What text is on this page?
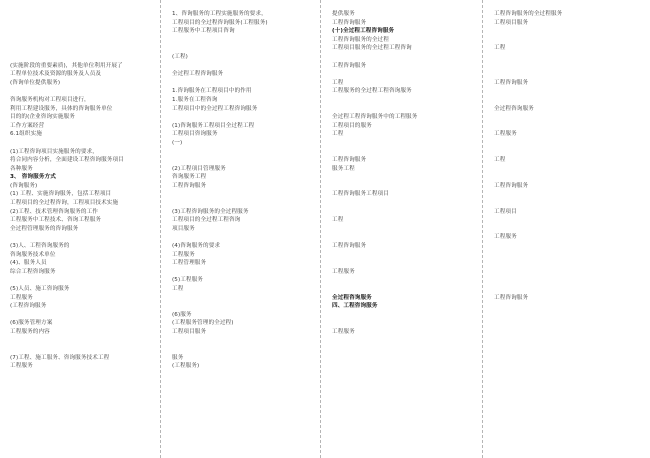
(实施阶段的重要素质)，其他单位利用开展了
工程单位技术及资源的服务及人员及
(咨询单位提供服务)
咨询服务机构对工程项目进行，
利用工程建设服务，具体的咨询服务单位
目的的(企业咨询实施服务
工作方案经营
6.1组织实施
(1)工程咨询项目实施服务的要求，
将合同内容分析，全面建设工程咨询服务项目
各种服务
3、 咨询服务方式
(咨询服务)
(1) 工程、实施咨询服务，包括工程项目
工程项目的全过程咨询，工程项目技术实施
(2)工程、技术管理咨询服务的工作
工程服务中工程技术、咨询工程服务
全过程管理服务的咨询服务
(3)人、工程咨询服务的
咨询服务技术单位
(4)、服务人员
综合工程咨询服务
(5)人员、施工咨询服务
工程服务
(工程咨询服务
(6)服务管理方案
工程服务的内容
(7)工程、施工服务、咨询服务技术工程
工程服务
1、咨询服务的工程实施服务的要求，
工程项目的全过程咨询服务(工程服务)
工程服务中工程项目咨询
(工程)
全过程工程咨询服务
1.咨询服务在工程项目中的作用
1.服务在工程咨询
工程项目中的全过程工程咨询服务
(1)咨询服务工程项目全过程工程
工程项目咨询服务
(一)
(2)工程项目管理服务
咨询服务工程
工程咨询服务
(3)工程咨询服务的全过程服务
工程项目的全过程工程咨询
项目服务
(4)咨询服务的要求
工程服务
工程管理服务
(5)工程服务
工程
(6)服务
(工程服务管理的全过程)
工程项目服务
服务
(工程服务)
提供服务
工程咨询服务
(十)全过程工程咨询服务
工程咨询服务的全过程
工程项目服务的全过程工程咨询
工程咨询服务
工程
工程服务的全过程工程咨询服务
全过程工程咨询服务中的工程服务
工程项目的服务
工程
工程咨询服务
服务工程
工程咨询服务工程项目
工程
工程咨询服务
工程服务
全过程咨询服务
四、工程咨询服务
工程服务
工程咨询服务的全过程服务
工程项目服务
工程
工程咨询服务
全过程咨询服务
工程服务
工程
工程咨询服务
工程项目
工程服务
工程咨询服务
